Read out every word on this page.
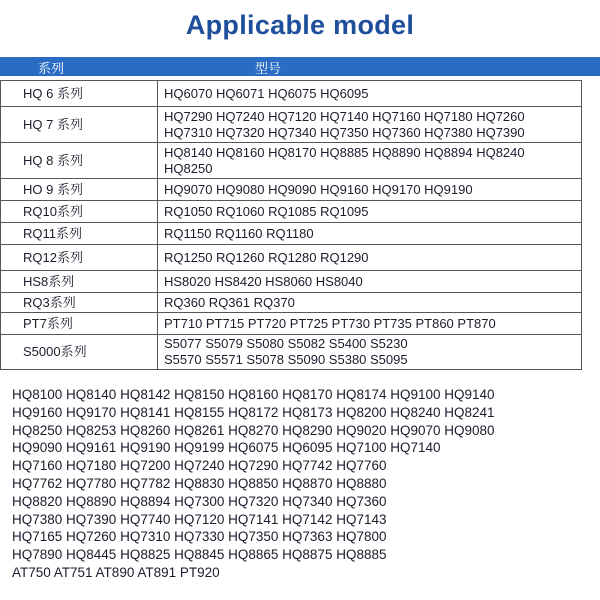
Applicable model
系列	型号
HQ 6 系列	HQ6070 HQ6071 HQ6075 HQ6095

HQ 7 系列	HQ7290 HQ7240 HQ7120 HQ7140 HQ7160 HQ7180 HQ7260
HQ7310 HQ7320 HQ7340 HQ7350 HQ7360 HQ7380 HQ7390

HQ 8 系列	HQ8140 HQ8160 HQ8170 HQ8885 HQ8890 HQ8894 HQ8240
HQ8250

HO 9 系列	HQ9070 HQ9080 HQ9090 HQ9160 HQ9170 HQ9190

RQ10系列	RQ1050 RQ1060 RQ1085 RQ1095

RQ11系列	RQ1150 RQ1160 RQ1180

RQ12系列	RQ1250 RQ1260 RQ1280 RQ1290

HS8系列	HS8020 HS8420 HS8060 HS8040

RQ3系列	RQ360 RQ361 RQ370

PT7系列	PT710 PT715 PT720 PT725 PT730 PT735 PT860 PT870

S5000系列	S5077 S5079 S5080 S5082 S5400 S5230
S5570 S5571 S5078 S5090 S5380 S5095
HQ8100 HQ8140 HQ8142 HQ8150 HQ8160 HQ8170 HQ8174 HQ9100 HQ9140
HQ9160 HQ9170 HQ8141 HQ8155 HQ8172 HQ8173 HQ8200 HQ8240 HQ8241
HQ8250 HQ8253 HQ8260 HQ8261 HQ8270 HQ8290 HQ9020 HQ9070 HQ9080
HQ9090 HQ9161 HQ9190 HQ9199 HQ6075 HQ6095 HQ7100 HQ7140
HQ7160 HQ7180 HQ7200 HQ7240 HQ7290 HQ7742 HQ7760
HQ7762 HQ7780 HQ7782 HQ8830 HQ8850 HQ8870 HQ8880
HQ8820 HQ8890 HQ8894 HQ7300 HQ7320 HQ7340 HQ7360
HQ7380 HQ7390 HQ7740 HQ7120 HQ7141 HQ7142 HQ7143
HQ7165 HQ7260 HQ7310 HQ7330 HQ7350 HQ7363 HQ7800
HQ7890 HQ8445 HQ8825 HQ8845 HQ8865 HQ8875 HQ8885
AT750 AT751 AT890 AT891 PT920
